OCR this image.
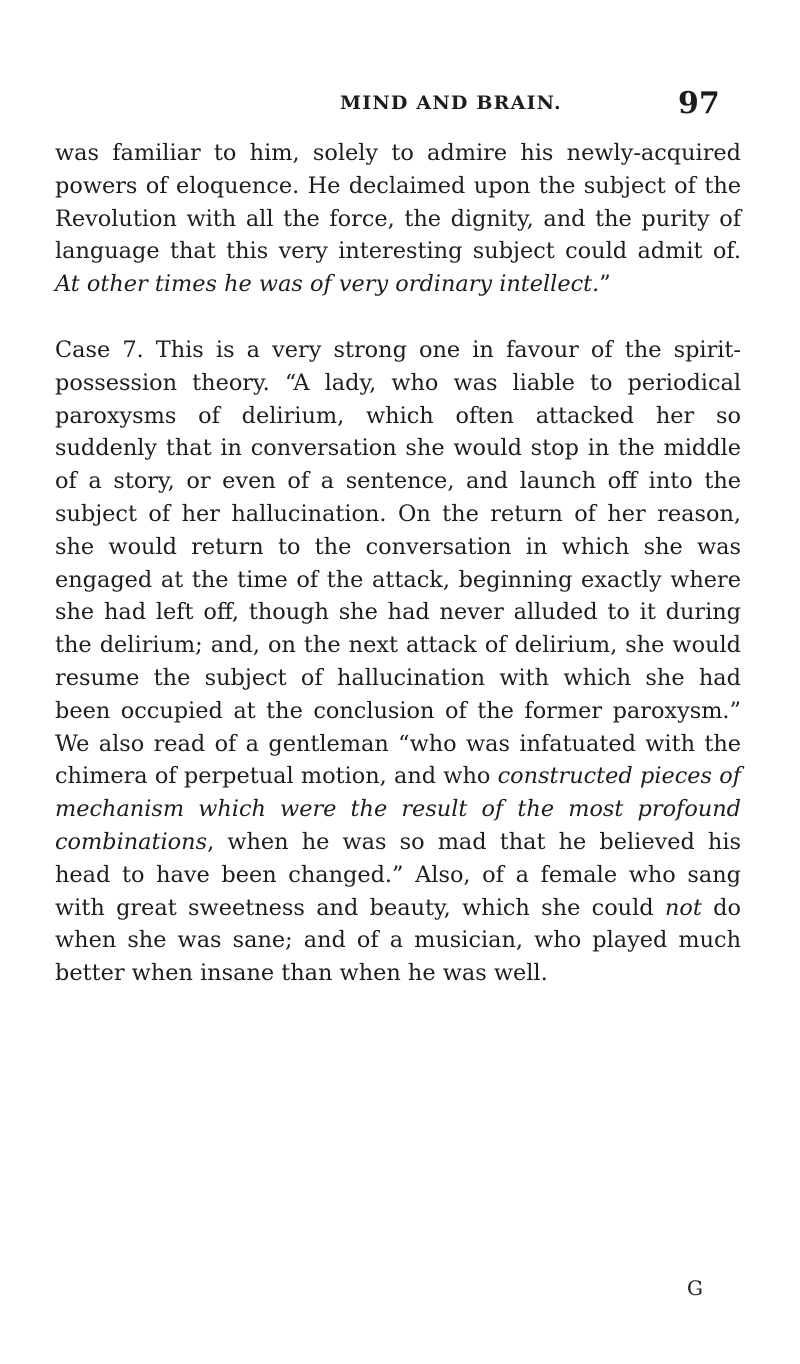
MIND AND BRAIN.	97

was familiar to him, solely to admire his newly-acquired powers of eloquence. He declaimed upon the subject of the Revolution with all the force, the dignity, and the purity of language that this very interesting subject could admit of. At other times he was of very ordinary intellect.”

Case 7. This is a very strong one in favour of the spirit-possession theory. “A lady, who was liable to periodical paroxysms of delirium, which often attacked her so suddenly that in conversation she would stop in the middle of a story, or even of a sentence, and launch off into the subject of her hallucination. On the return of her reason, she would return to the conversation in which she was engaged at the time of the attack, beginning exactly where she had left off, though she had never alluded to it during the delirium; and, on the next attack of delirium, she would resume the subject of hallucination with which she had been occupied at the conclusion of the former paroxysm.” We also read of a gentleman “who was infatuated with the chimera of perpetual motion, and who constructed pieces of mechanism which were the result of the most profound combinations, when he was so mad that he believed his head to have been changed.” Also, of a female who sang with great sweetness and beauty, which she could not do when she was sane; and of a musician, who played much better when insane than when he was well.

G
